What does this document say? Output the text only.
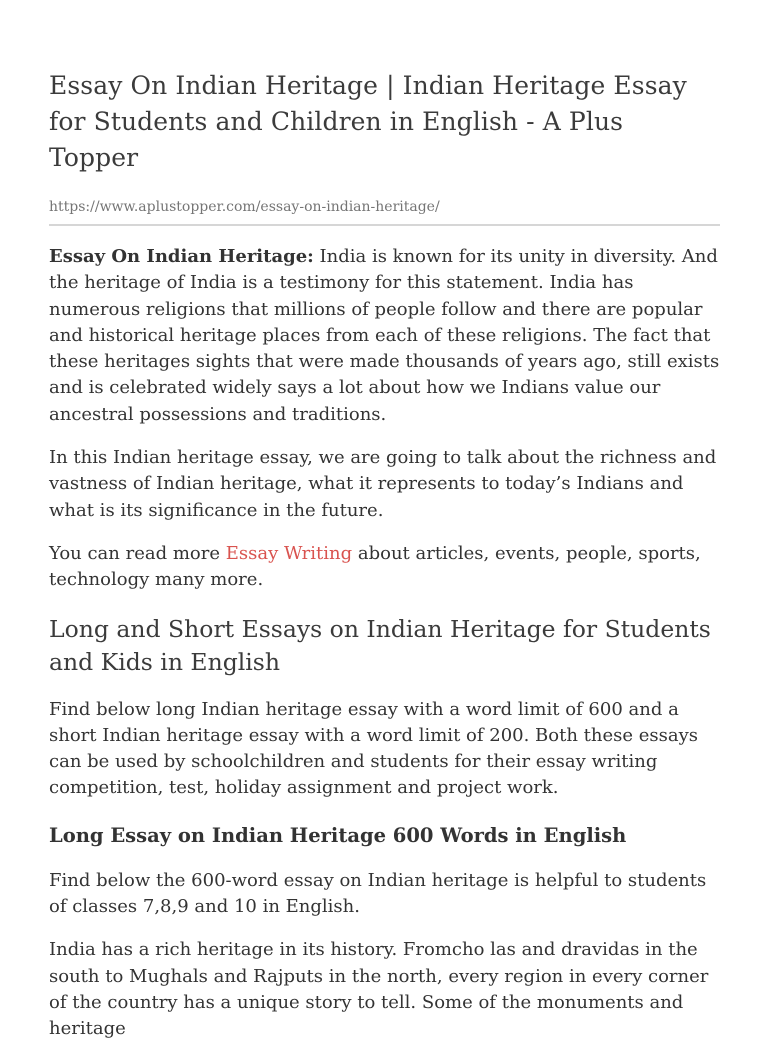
Essay On Indian Heritage | Indian Heritage Essay for Students and Children in English - A Plus Topper
https://www.aplustopper.com/essay-on-indian-heritage/

Essay On Indian Heritage: India is known for its unity in diversity. And the heritage of India is a testimony for this statement. India has numerous religions that millions of people follow and there are popular and historical heritage places from each of these religions. The fact that these heritages sights that were made thousands of years ago, still exists and is celebrated widely says a lot about how we Indians value our ancestral possessions and traditions.

In this Indian heritage essay, we are going to talk about the richness and vastness of Indian heritage, what it represents to today’s Indians and what is its significance in the future.

You can read more Essay Writing about articles, events, people, sports, technology many more.

Long and Short Essays on Indian Heritage for Students and Kids in English

Find below long Indian heritage essay with a word limit of 600 and a short Indian heritage essay with a word limit of 200. Both these essays can be used by schoolchildren and students for their essay writing competition, test, holiday assignment and project work.

Long Essay on Indian Heritage 600 Words in English

Find below the 600-word essay on Indian heritage is helpful to students of classes 7,8,9 and 10 in English.

India has a rich heritage in its history. Fromcho las and dravidas in the south to Mughals and Rajputs in the north, every region in every corner of the country has a unique story to tell. Some of the monuments and heritage
